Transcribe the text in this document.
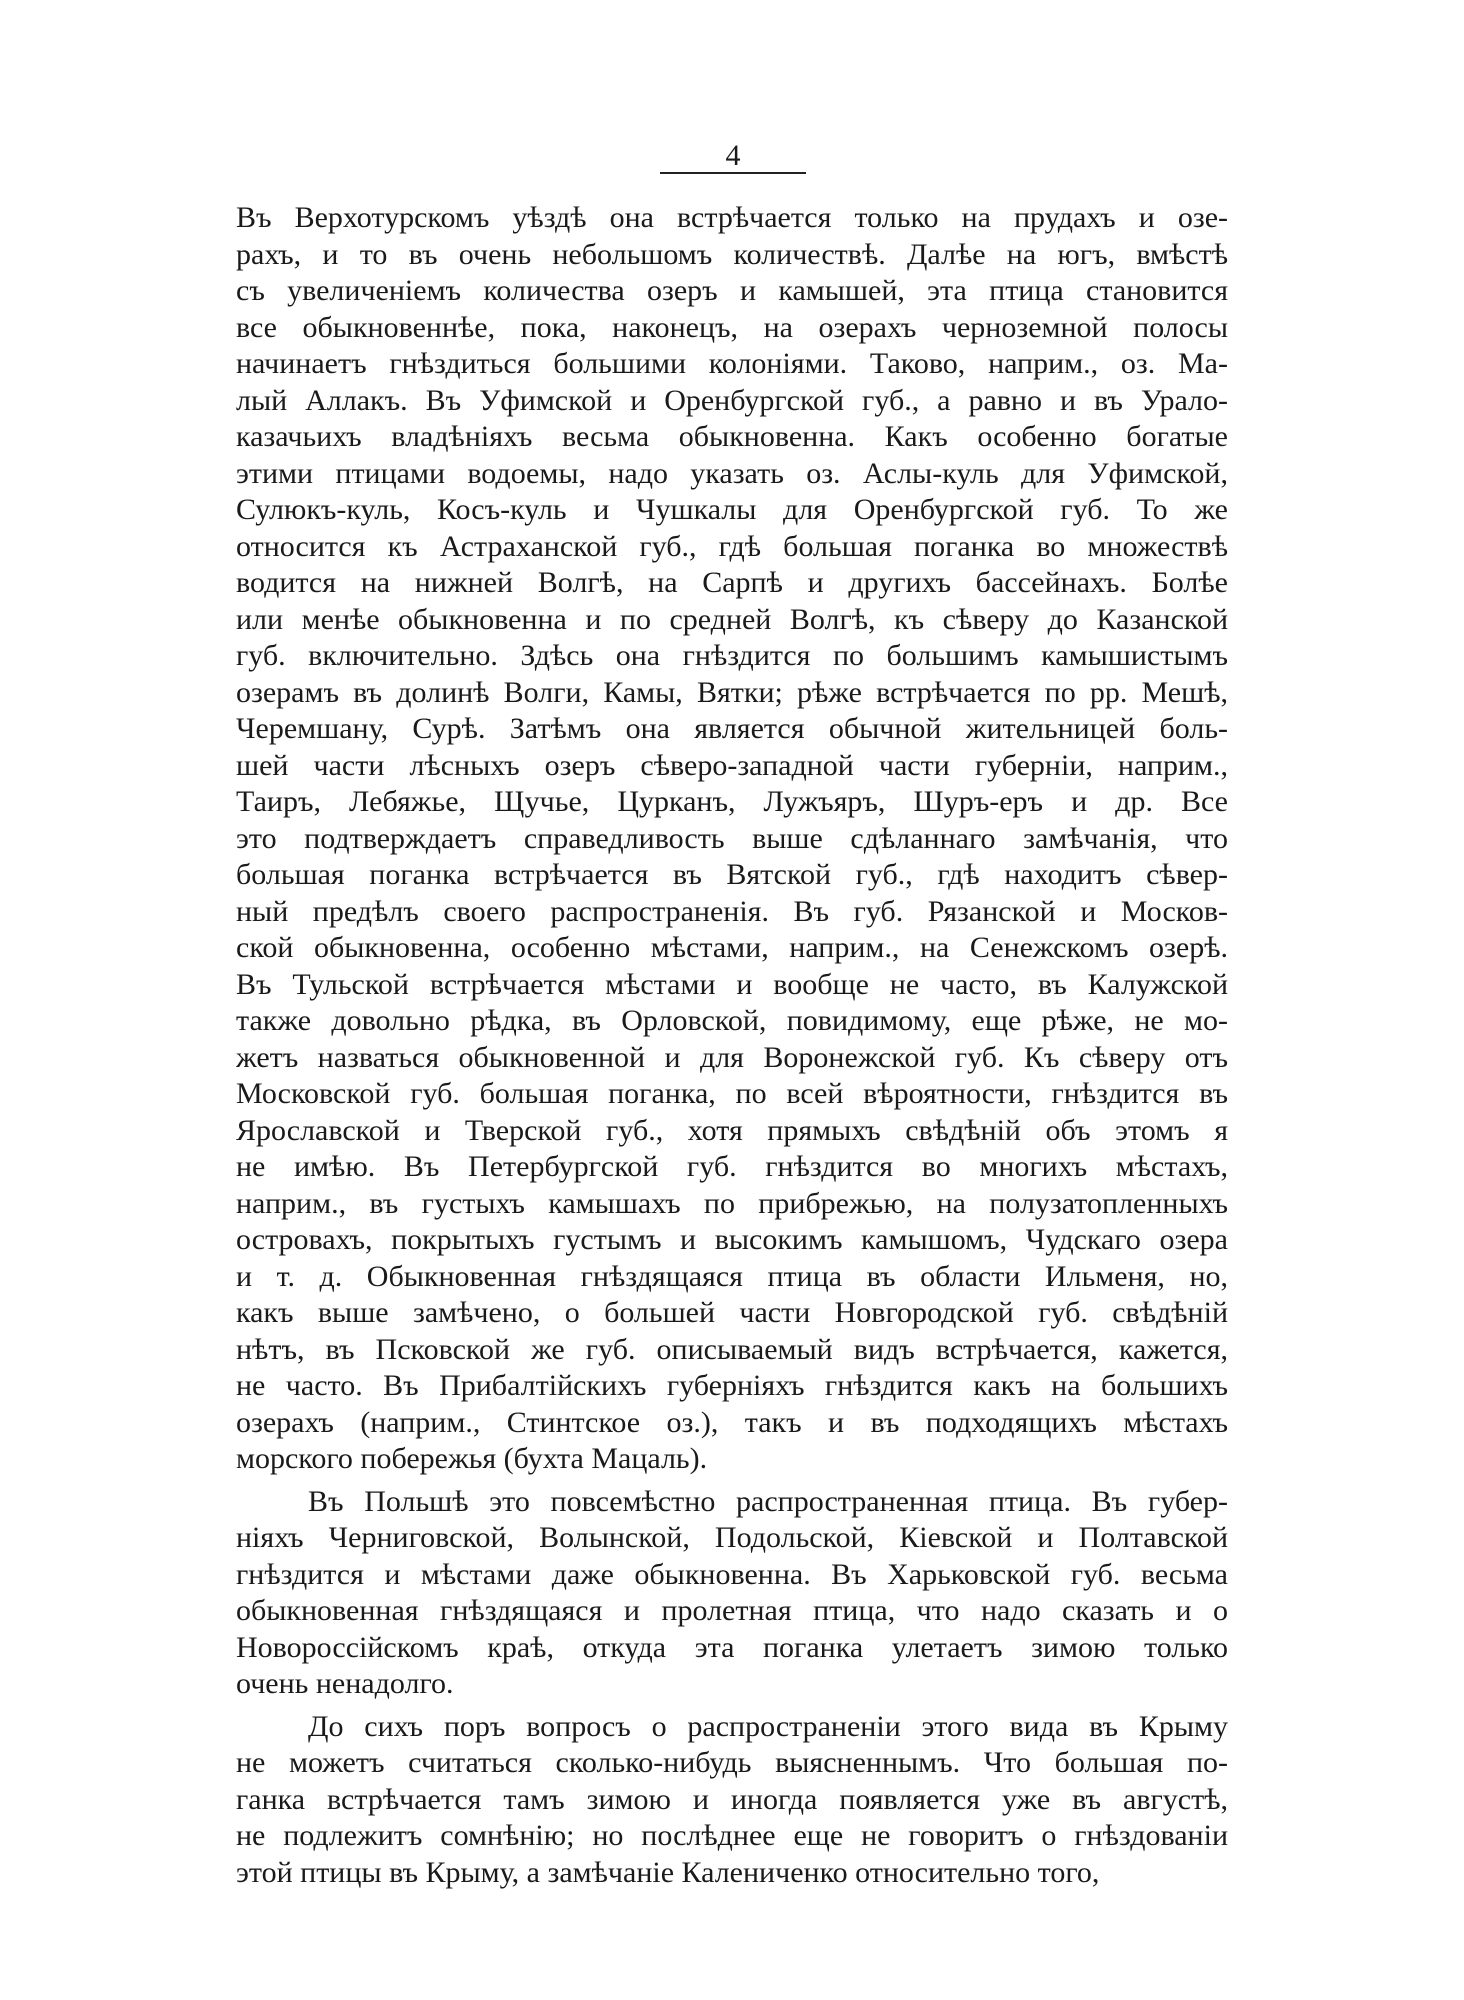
4
Въ Верхотурскомъ уѣздѣ она встрѣчается только на прудахъ и озе-
рахъ, и то въ очень небольшомъ количествѣ. Далѣе на югъ, вмѣстѣ
съ увеличеніемъ количества озеръ и камышей, эта птица становится
все обыкновеннѣе, пока, наконецъ, на озерахъ черноземной полосы
начинаетъ гнѣздиться большими колоніями. Таково, наприм., оз. Ма-
лый Аллакъ. Въ Уфимской и Оренбургской губ., а равно и въ Урало-
казачьихъ владѣніяхъ весьма обыкновенна. Какъ особенно богатые
этими птицами водоемы, надо указать оз. Аслы-куль для Уфимской,
Сулюкъ-куль, Косъ-куль и Чушкалы для Оренбургской губ. То же
относится къ Астраханской губ., гдѣ большая поганка во множествѣ
водится на нижней Волгѣ, на Сарпѣ и другихъ бассейнахъ. Болѣе
или менѣе обыкновенна и по средней Волгѣ, къ сѣверу до Казанской
губ. включительно. Здѣсь она гнѣздится по большимъ камышистымъ
озерамъ въ долинѣ Волги, Камы, Вятки; рѣже встрѣчается по рр. Мешѣ,
Черемшану, Сурѣ. Затѣмъ она является обычной жительницей боль-
шей части лѣсныхъ озеръ сѣверо-западной части губерніи, наприм.,
Таиръ, Лебяжье, Щучье, Цурканъ, Лужъяръ, Шуръ-еръ и др. Все
это подтверждаетъ справедливость выше сдѣланнаго замѣчанія, что
большая поганка встрѣчается въ Вятской губ., гдѣ находитъ сѣвер-
ный предѣлъ своего распространенія. Въ губ. Рязанской и Москов-
ской обыкновенна, особенно мѣстами, наприм., на Сенежскомъ озерѣ.
Въ Тульской встрѣчается мѣстами и вообще не часто, въ Калужской
также довольно рѣдка, въ Орловской, повидимому, еще рѣже, не мо-
жетъ назваться обыкновенной и для Воронежской губ. Къ сѣверу отъ
Московской губ. большая поганка, по всей вѣроятности, гнѣздится въ
Ярославской и Тверской губ., хотя прямыхъ свѣдѣній объ этомъ я
не имѣю. Въ Петербургской губ. гнѣздится во многихъ мѣстахъ,
наприм., въ густыхъ камышахъ по прибрежью, на полузатопленныхъ
островахъ, покрытыхъ густымъ и высокимъ камышомъ, Чудскаго озера
и т. д. Обыкновенная гнѣздящаяся птица въ области Ильменя, но,
какъ выше замѣчено, о большей части Новгородской губ. свѣдѣній
нѣтъ, въ Псковской же губ. описываемый видъ встрѣчается, кажется,
не часто. Въ Прибалтійскихъ губерніяхъ гнѣздится какъ на большихъ
озерахъ (наприм., Стинтское оз.), такъ и въ подходящихъ мѣстахъ
морского побережья (бухта Мацаль).
Въ Польшѣ это повсемѣстно распространенная птица. Въ губер-
ніяхъ Черниговской, Волынской, Подольской, Кіевской и Полтавской
гнѣздится и мѣстами даже обыкновенна. Въ Харьковской губ. весьма
обыкновенная гнѣздящаяся и пролетная птица, что надо сказать и о
Новороссійскомъ краѣ, откуда эта поганка улетаетъ зимою только
очень ненадолго.
До сихъ поръ вопросъ о распространеніи этого вида въ Крыму
не можетъ считаться сколько-нибудь выясненнымъ. Что большая по-
ганка встрѣчается тамъ зимою и иногда появляется уже въ августѣ,
не подлежитъ сомнѣнію; но послѣднее еще не говоритъ о гнѣздованіи
этой птицы въ Крыму, а замѣчаніе Калениченко относительно того,
